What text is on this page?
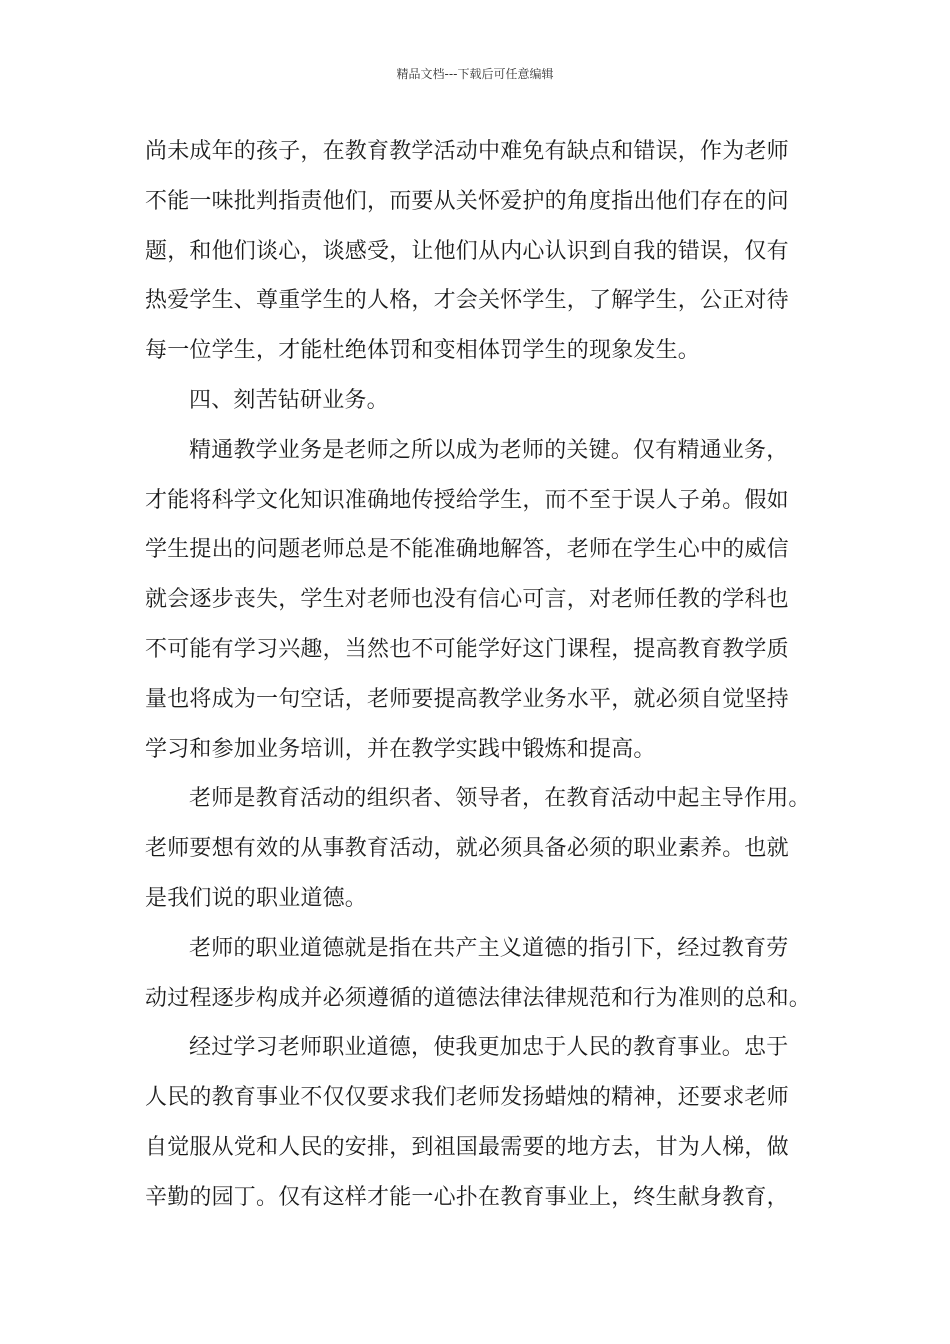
精品文档---下载后可任意编辑
尚未成年的孩子，在教育教学活动中难免有缺点和错误，作为老师
不能一味批判指责他们，而要从关怀爱护的角度指出他们存在的问
题，和他们谈心，谈感受，让他们从内心认识到自我的错误，仅有
热爱学生、尊重学生的人格，才会关怀学生，了解学生，公正对待
每一位学生，才能杜绝体罚和变相体罚学生的现象发生。
四、刻苦钻研业务。
精通教学业务是老师之所以成为老师的关键。仅有精通业务，
才能将科学文化知识准确地传授给学生，而不至于误人子弟。假如
学生提出的问题老师总是不能准确地解答，老师在学生心中的威信
就会逐步丧失，学生对老师也没有信心可言，对老师任教的学科也
不可能有学习兴趣，当然也不可能学好这门课程，提高教育教学质
量也将成为一句空话，老师要提高教学业务水平，就必须自觉坚持
学习和参加业务培训，并在教学实践中锻炼和提高。
老师是教育活动的组织者、领导者，在教育活动中起主导作用。
老师要想有效的从事教育活动，就必须具备必须的职业素养。也就
是我们说的职业道德。
老师的职业道德就是指在共产主义道德的指引下，经过教育劳
动过程逐步构成并必须遵循的道德法律法律规范和行为准则的总和。
经过学习老师职业道德，使我更加忠于人民的教育事业。忠于
人民的教育事业不仅仅要求我们老师发扬蜡烛的精神，还要求老师
自觉服从党和人民的安排，到祖国最需要的地方去，甘为人梯，做
辛勤的园丁。仅有这样才能一心扑在教育事业上，终生献身教育，
